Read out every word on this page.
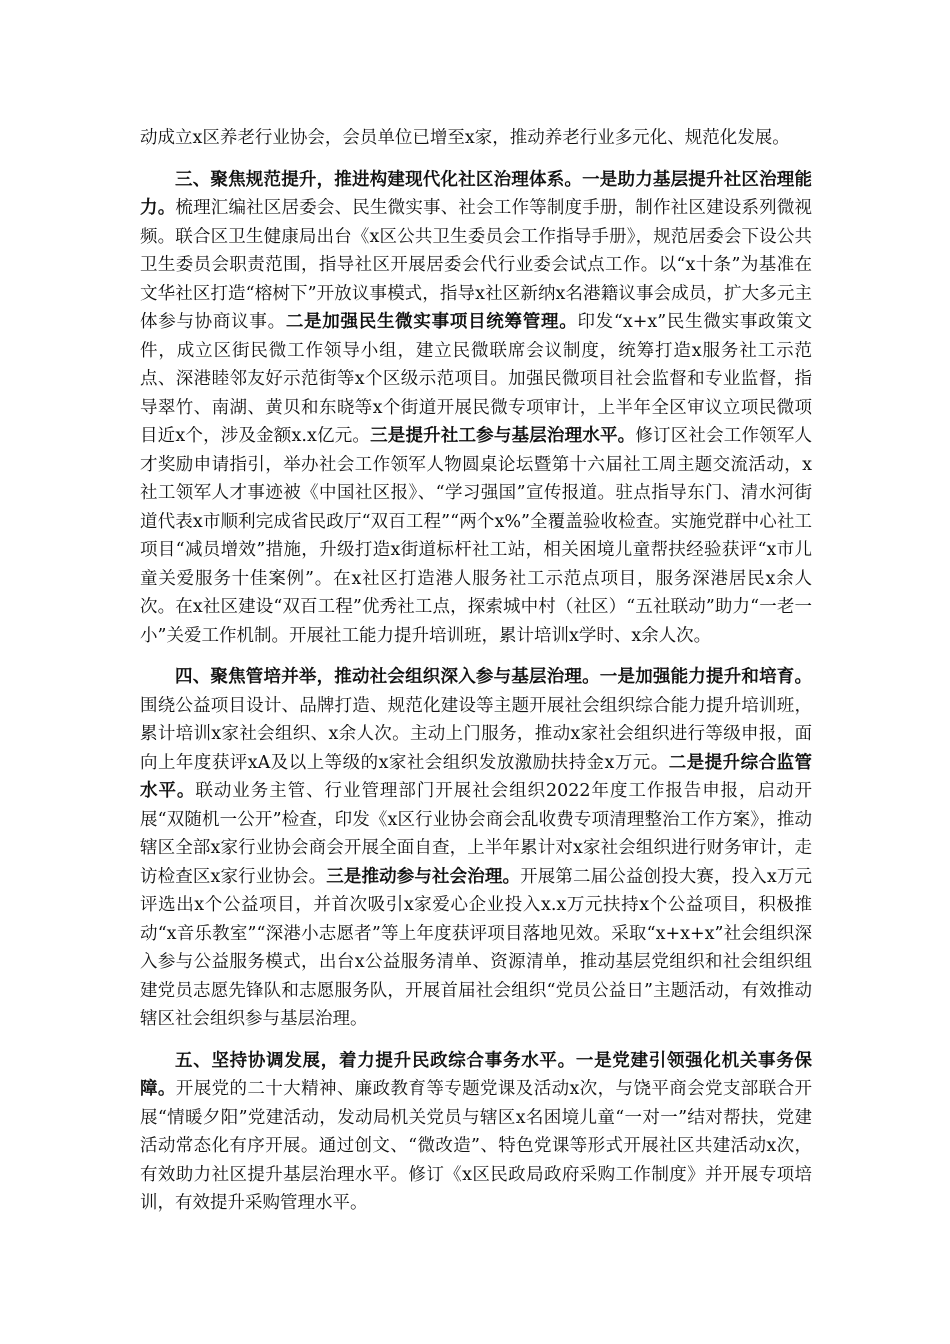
动成立x区养老行业协会，会员单位已增至x家，推动养老行业多元化、规范化发展。

三、聚焦规范提升，推进构建现代化社区治理体系。一是助力基层提升社区治理能力。梳理汇编社区居委会、民生微实事、社会工作等制度手册，制作社区建设系列微视频。联合区卫生健康局出台《x区公共卫生委员会工作指导手册》，规范居委会下设公共卫生委员会职责范围，指导社区开展居委会代行业委会试点工作。以“x十条”为基准在文华社区打造“榕树下”开放议事模式，指导x社区新纳x名港籍议事会成员，扩大多元主体参与协商议事。二是加强民生微实事项目统筹管理。印发“x+x”民生微实事政策文件，成立区街民微工作领导小组，建立民微联席会议制度，统筹打造x服务社工示范点、深港睦邻友好示范街等x个区级示范项目。加强民微项目社会监督和专业监督，指导翠竹、南湖、黄贝和东晓等x个街道开展民微专项审计，上半年全区审议立项民微项目近x个，涉及金额x.x亿元。三是提升社工参与基层治理水平。修订区社会工作领军人才奖励申请指引，举办社会工作领军人物圆桌论坛暨第十六届社工周主题交流活动，x社工领军人才事迹被《中国社区报》、“学习强国”宣传报道。驻点指导东门、清水河街道代表x市顺利完成省民政厅“双百工程”“两个x%”全覆盖验收检查。实施党群中心社工项目“减员增效”措施，升级打造x街道标杆社工站，相关困境儿童帮扶经验获评“x市儿童关爱服务十佳案例”。在x社区打造港人服务社工示范点项目，服务深港居民x余人次。在x社区建设“双百工程”优秀社工点，探索城中村（社区）“五社联动”助力“一老一小”关爱工作机制。开展社工能力提升培训班，累计培训x学时、x余人次。

四、聚焦管培并举，推动社会组织深入参与基层治理。一是加强能力提升和培育。围绕公益项目设计、品牌打造、规范化建设等主题开展社会组织综合能力提升培训班，累计培训x家社会组织、x余人次。主动上门服务，推动x家社会组织进行等级申报，面向上年度获评xA及以上等级的x家社会组织发放激励扶持金x万元。二是提升综合监管水平。联动业务主管、行业管理部门开展社会组织2022年度工作报告申报，启动开展“双随机一公开”检查，印发《x区行业协会商会乱收费专项清理整治工作方案》，推动辖区全部x家行业协会商会开展全面自查，上半年累计对x家社会组织进行财务审计，走访检查区x家行业协会。三是推动参与社会治理。开展第二届公益创投大赛，投入x万元评选出x个公益项目，并首次吸引x家爱心企业投入x.x万元扶持x个公益项目，积极推动“x音乐教室”“深港小志愿者”等上年度获评项目落地见效。采取“x+x+x”社会组织深入参与公益服务模式，出台x公益服务清单、资源清单，推动基层党组织和社会组织组建党员志愿先锋队和志愿服务队，开展首届社会组织“党员公益日”主题活动，有效推动辖区社会组织参与基层治理。

五、坚持协调发展，着力提升民政综合事务水平。一是党建引领强化机关事务保障。开展党的二十大精神、廉政教育等专题党课及活动x次，与饶平商会党支部联合开展“情暖夕阳”党建活动，发动局机关党员与辖区x名困境儿童“一对一”结对帮扶，党建活动常态化有序开展。通过创文、“微改造”、特色党课等形式开展社区共建活动x次，有效助力社区提升基层治理水平。修订《x区民政局政府采购工作制度》并开展专项培训，有效提升采购管理水平。
